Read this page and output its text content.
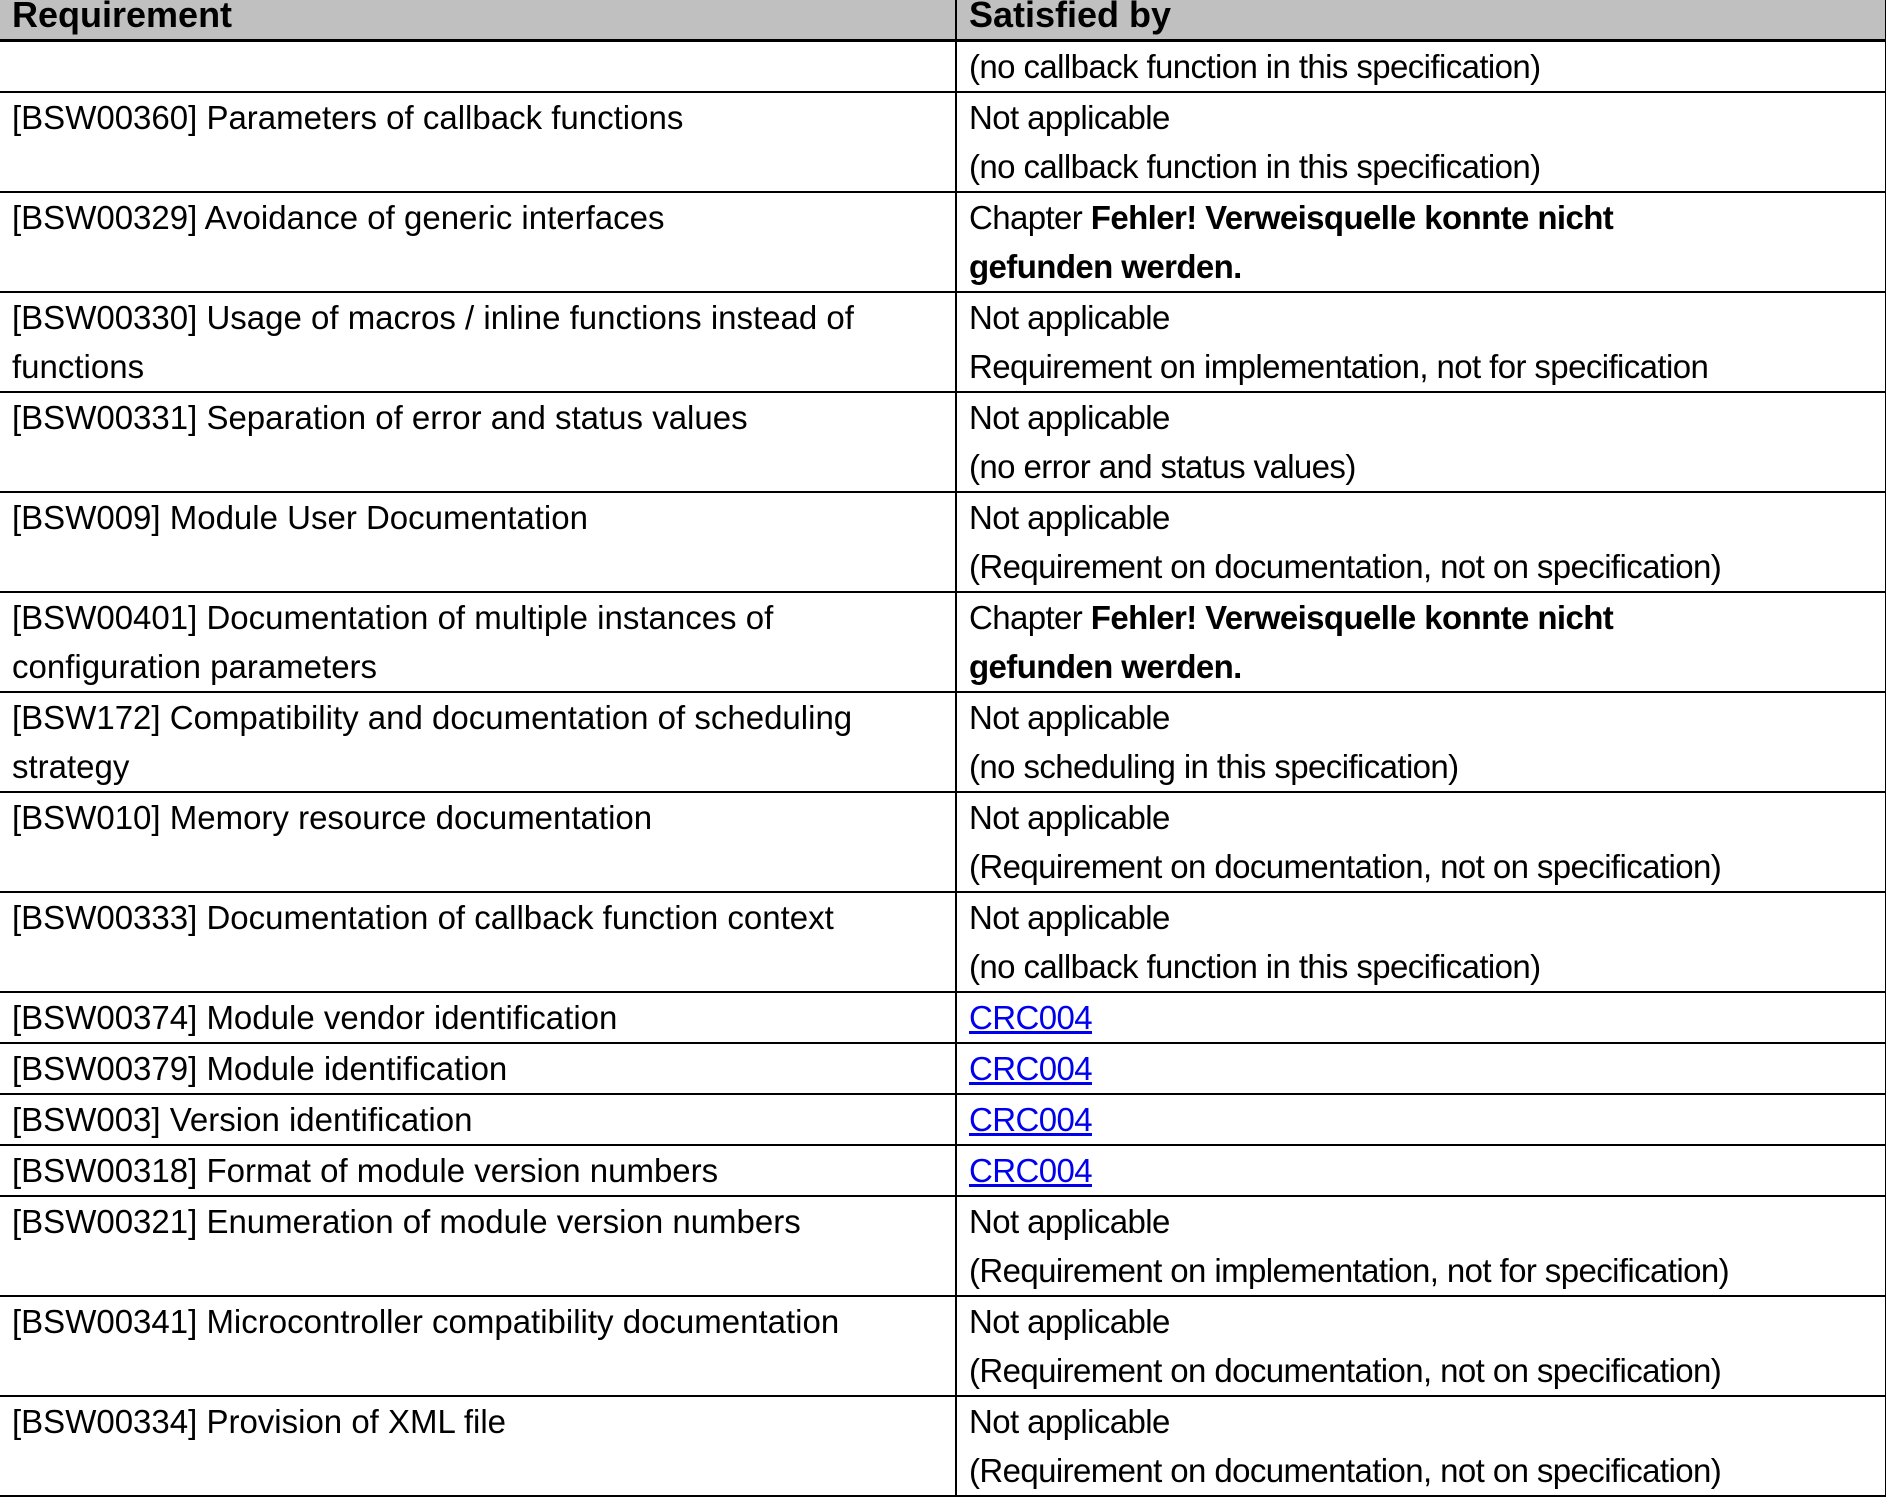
Requirement	Satisfied by

	(no callback function in this specification)

[BSW00360] Parameters of callback functions	Not applicable
(no callback function in this specification)

[BSW00329] Avoidance of generic interfaces	Chapter Fehler! Verweisquelle konnte nicht
gefunden werden.

[BSW00330] Usage of macros / inline functions instead of functions	Not applicable
Requirement on implementation, not for specification

[BSW00331] Separation of error and status values	Not applicable
(no error and status values)

[BSW009] Module User Documentation	Not applicable
(Requirement on documentation, not on specification)

[BSW00401] Documentation of multiple instances of configuration parameters	Chapter Fehler! Verweisquelle konnte nicht
gefunden werden.

[BSW172] Compatibility and documentation of scheduling strategy	Not applicable
(no scheduling in this specification)

[BSW010] Memory resource documentation	Not applicable
(Requirement on documentation, not on specification)

[BSW00333] Documentation of callback function context	Not applicable
(no callback function in this specification)

[BSW00374] Module vendor identification	CRC004
[BSW00379] Module identification	CRC004
[BSW003] Version identification	CRC004
[BSW00318] Format of module version numbers	CRC004
[BSW00321] Enumeration of module version numbers	Not applicable
(Requirement on implementation, not for specification)

[BSW00341] Microcontroller compatibility documentation	Not applicable
(Requirement on documentation, not on specification)

[BSW00334] Provision of XML file	Not applicable
(Requirement on documentation, not on specification)
